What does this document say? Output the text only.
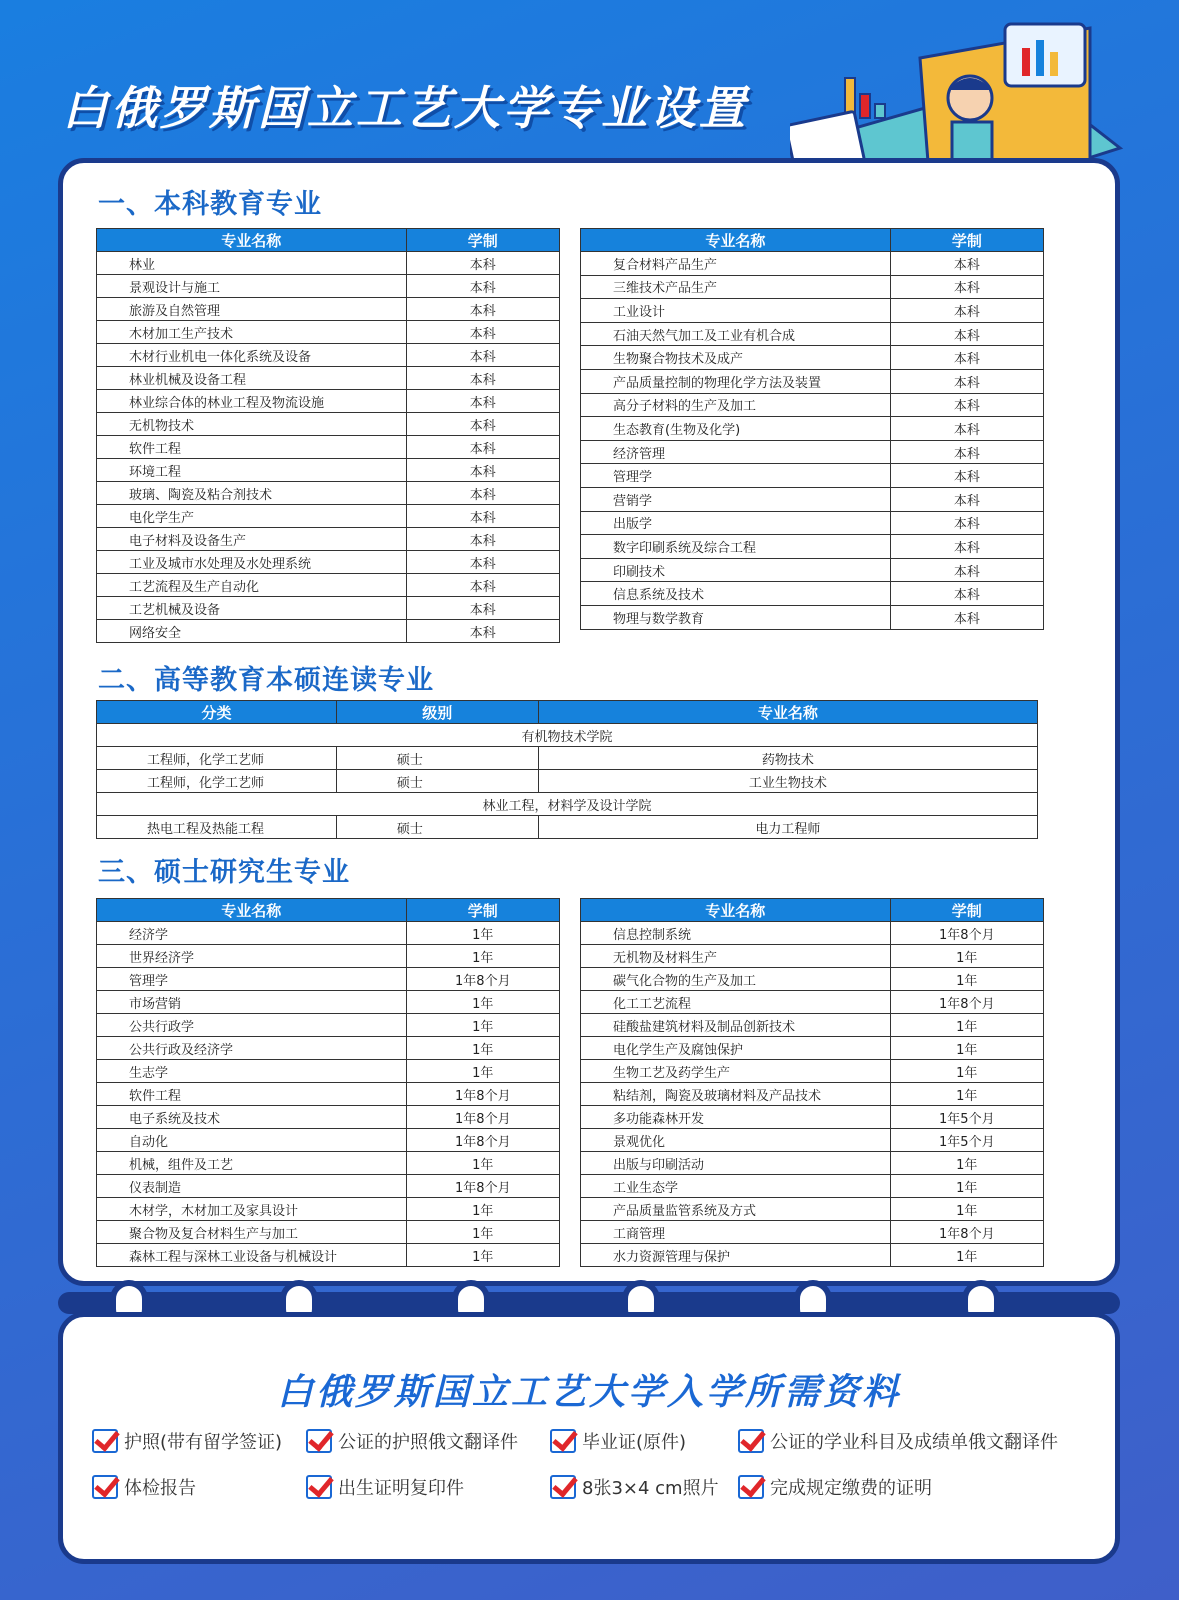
白俄罗斯国立工艺大学专业设置
一、本科教育专业
专业名称	学制
林业	本科
景观设计与施工	本科
旅游及自然管理	本科
木材加工生产技术	本科
木材行业机电一体化系统及设备	本科
林业机械及设备工程	本科
林业综合体的林业工程及物流设施	本科
无机物技术	本科
软件工程	本科
环境工程	本科
玻璃、陶瓷及粘合剂技术	本科
电化学生产	本科
电子材料及设备生产	本科
工业及城市水处理及水处理系统	本科
工艺流程及生产自动化	本科
工艺机械及设备	本科
网络安全	本科
专业名称	学制
复合材料产品生产	本科
三维技术产品生产	本科
工业设计	本科
石油天然气加工及工业有机合成	本科
生物聚合物技术及成产	本科
产品质量控制的物理化学方法及装置	本科
高分子材料的生产及加工	本科
生态教育(生物及化学)	本科
经济管理	本科
管理学	本科
营销学	本科
出版学	本科
数字印刷系统及综合工程	本科
印刷技术	本科
信息系统及技术	本科
物理与数学教育	本科
二、高等教育本硕连读专业
分类	级别	专业名称
有机物技术学院		
工程师，化学工艺师	硕士	药物技术
工程师，化学工艺师	硕士	工业生物技术
林业工程，材料学及设计学院		
热电工程及热能工程	硕士	电力工程师
三、硕士研究生专业
专业名称	学制
经济学	1年
世界经济学	1年
管理学	1年8个月
市场营销	1年
公共行政学	1年
公共行政及经济学	1年
生志学	1年
软件工程	1年8个月
电子系统及技术	1年8个月
自动化	1年8个月
机械，组件及工艺	1年
仪表制造	1年8个月
木材学，木材加工及家具设计	1年
聚合物及复合材料生产与加工	1年
森林工程与深林工业设备与机械设计	1年
专业名称	学制
信息控制系统	1年8个月
无机物及材料生产	1年
碳气化合物的生产及加工	1年
化工工艺流程	1年8个月
硅酸盐建筑材料及制品创新技术	1年
电化学生产及腐蚀保护	1年
生物工艺及药学生产	1年
粘结剂，陶瓷及玻璃材料及产品技术	1年
多功能森林开发	1年5个月
景观优化	1年5个月
出版与印刷活动	1年
工业生态学	1年
产品质量监管系统及方式	1年
工商管理	1年8个月
水力资源管理与保护	1年
白俄罗斯国立工艺大学入学所需资料
护照(带有留学签证)	公证的护照俄文翻译件	毕业证(原件)	公证的学业科目及成绩单俄文翻译件
体检报告	出生证明复印件	8张3×4 cm照片	完成规定缴费的证明
